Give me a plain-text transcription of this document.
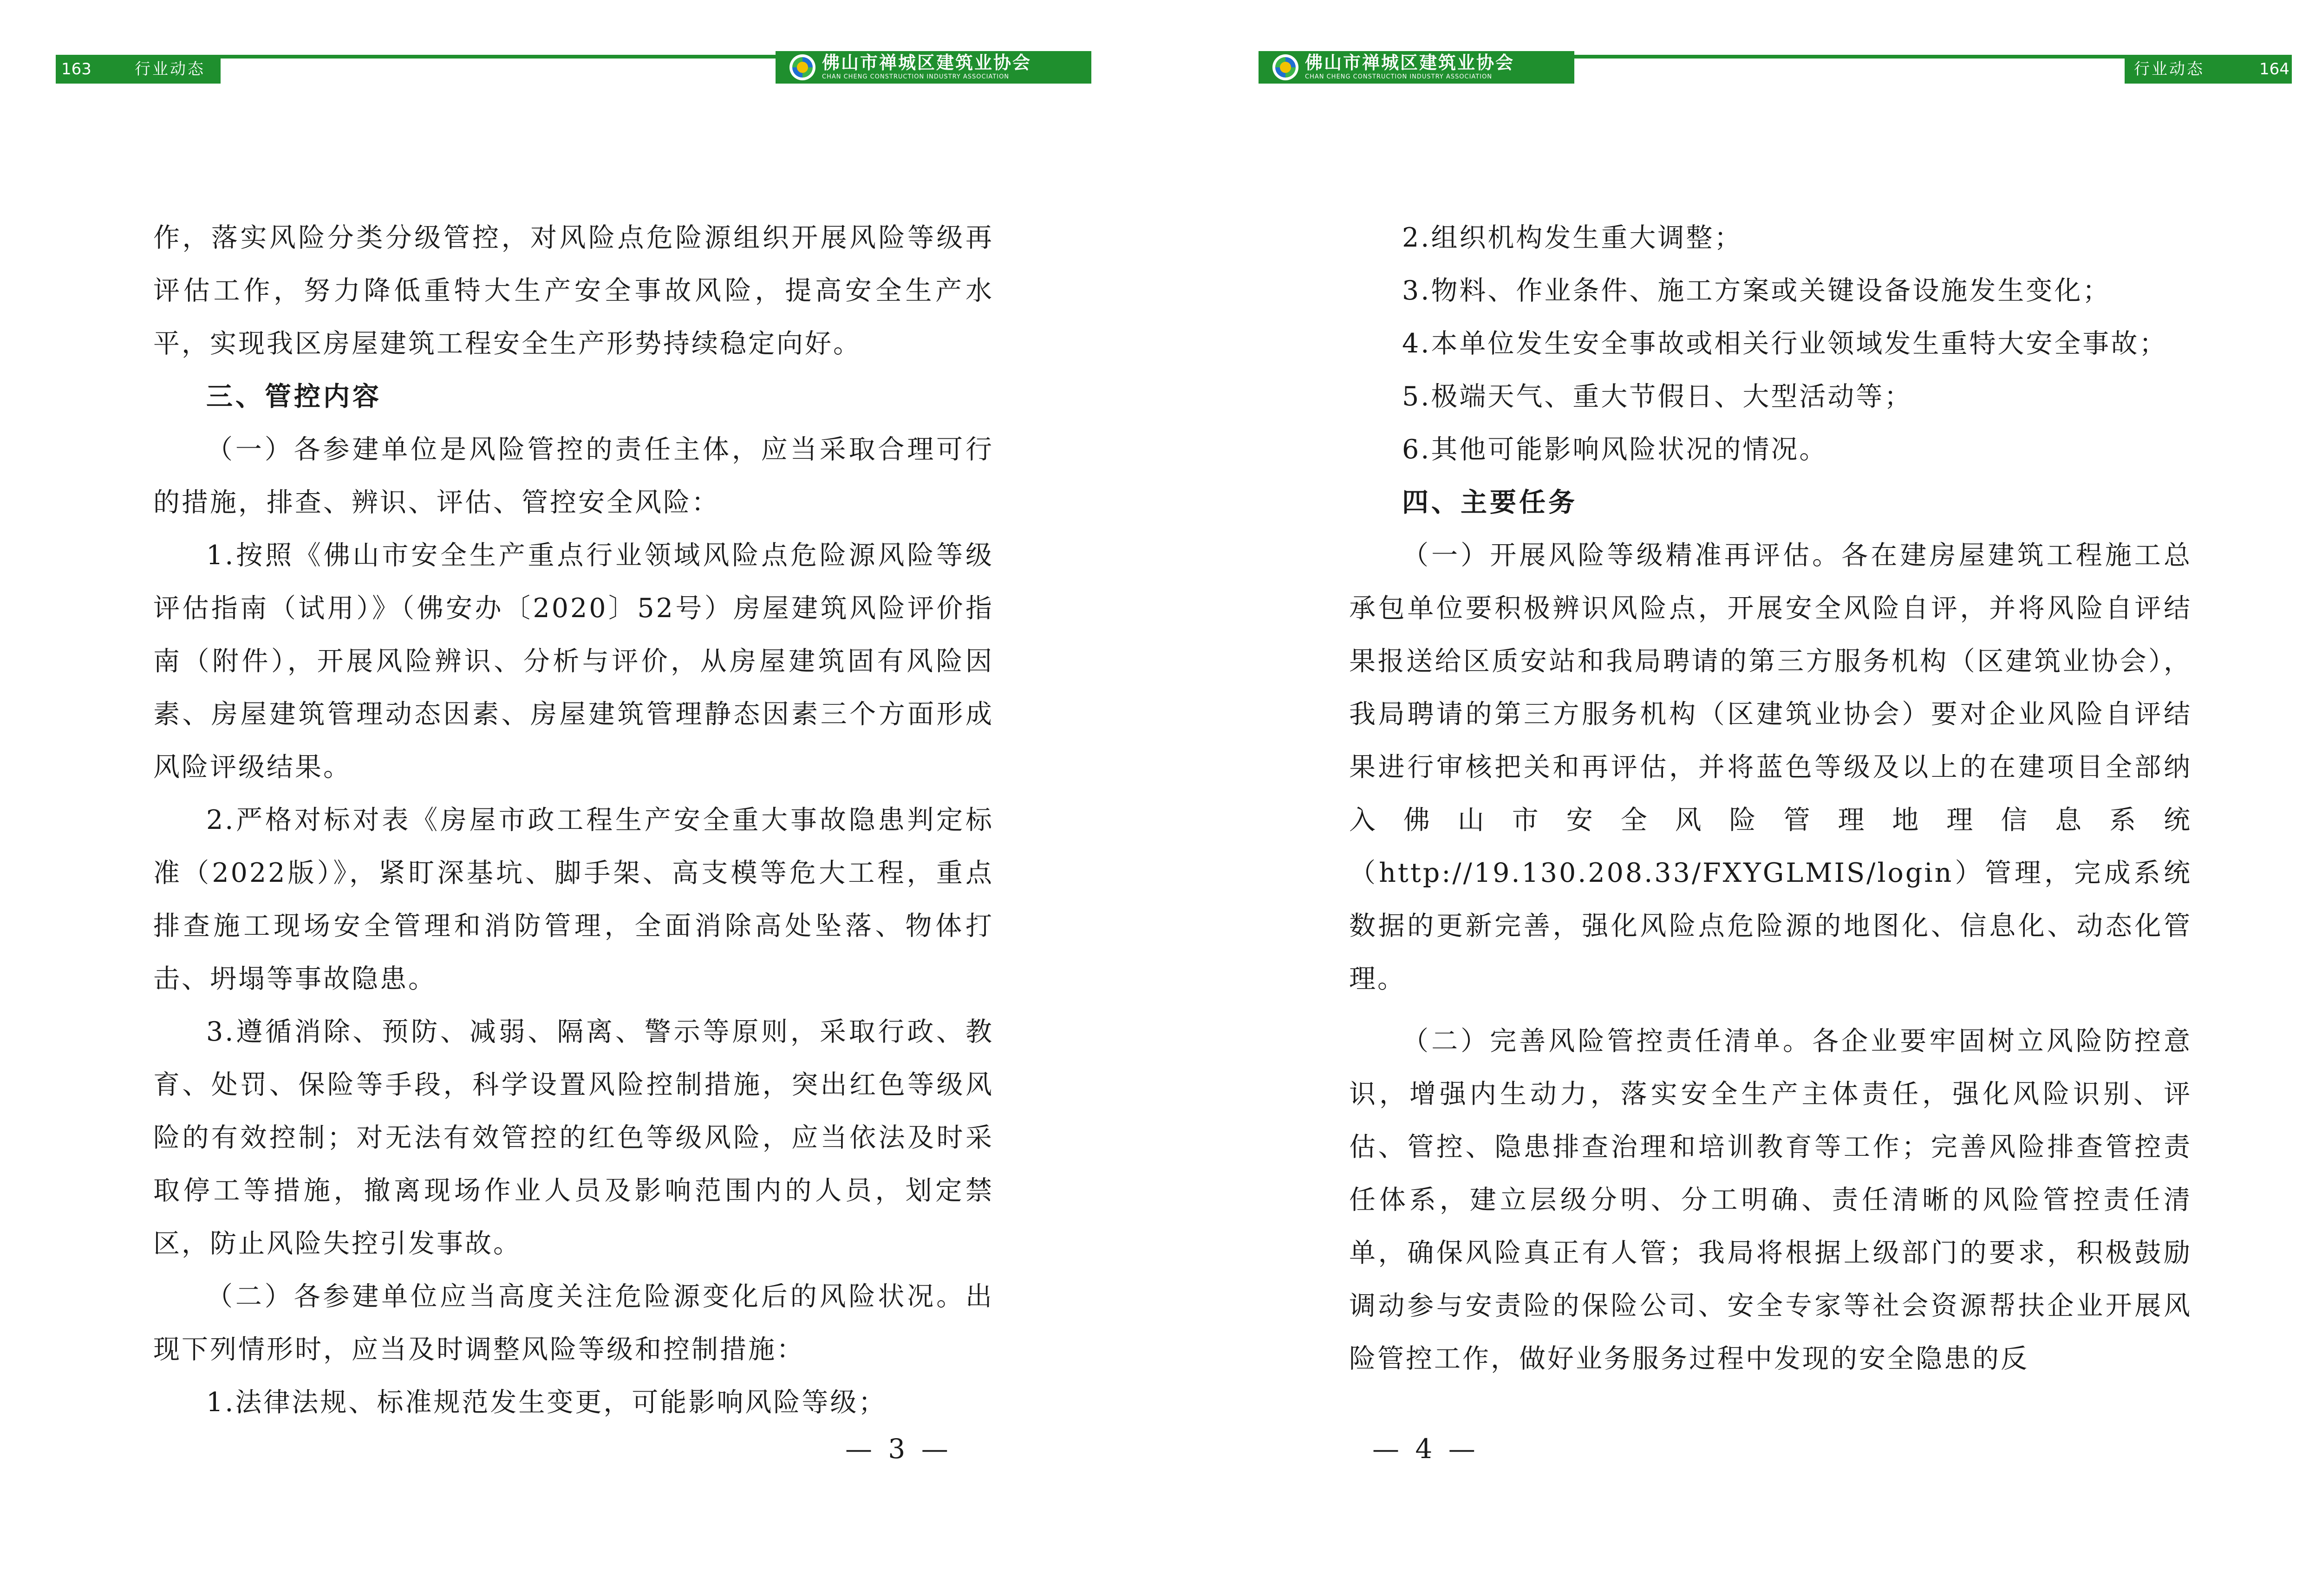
163	行业动态	佛山市禅城区建筑业协会
CHAN CHENG CONSTRUCTION INDUSTRY ASSOCIATION

作，落实风险分类分级管控，对风险点危险源组织开展风险等级再评估工作，努力降低重特大生产安全事故风险，提高安全生产水平，实现我区房屋建筑工程安全生产形势持续稳定向好。

三、管控内容

（一）各参建单位是风险管控的责任主体，应当采取合理可行的措施，排查、辨识、评估、管控安全风险：

1.按照《佛山市安全生产重点行业领域风险点危险源风险等级评估指南（试用）》（佛安办〔2020〕52号）房屋建筑风险评价指南（附件），开展风险辨识、分析与评价，从房屋建筑固有风险因素、房屋建筑管理动态因素、房屋建筑管理静态因素三个方面形成风险评级结果。

2.严格对标对表《房屋市政工程生产安全重大事故隐患判定标准（2022版）》，紧盯深基坑、脚手架、高支模等危大工程，重点排查施工现场安全管理和消防管理，全面消除高处坠落、物体打击、坍塌等事故隐患。

3.遵循消除、预防、减弱、隔离、警示等原则，采取行政、教育、处罚、保险等手段，科学设置风险控制措施，突出红色等级风险的有效控制；对无法有效管控的红色等级风险，应当依法及时采取停工等措施，撤离现场作业人员及影响范围内的人员，划定禁区，防止风险失控引发事故。

（二）各参建单位应当高度关注危险源变化后的风险状况。出现下列情形时，应当及时调整风险等级和控制措施：

1.法律法规、标准规范发生变更，可能影响风险等级；

— 3 —
佛山市禅城区建筑业协会
CHAN CHENG CONSTRUCTION INDUSTRY ASSOCIATION	行业动态	164

2.组织机构发生重大调整；

3.物料、作业条件、施工方案或关键设备设施发生变化；

4.本单位发生安全事故或相关行业领域发生重特大安全事故；

5.极端天气、重大节假日、大型活动等；

6.其他可能影响风险状况的情况。

四、主要任务

（一）开展风险等级精准再评估。各在建房屋建筑工程施工总承包单位要积极辨识风险点，开展安全风险自评，并将风险自评结果报送给区质安站和我局聘请的第三方服务机构（区建筑业协会），我局聘请的第三方服务机构（区建筑业协会）要对企业风险自评结果进行审核把关和再评估，并将蓝色等级及以上的在建项目全部纳入佛山市安全风险管理地理信息系统（http://19.130.208.33/FXYGLMIS/login）管理，完成系统数据的更新完善，强化风险点危险源的地图化、信息化、动态化管理。

（二）完善风险管控责任清单。各企业要牢固树立风险防控意识，增强内生动力，落实安全生产主体责任，强化风险识别、评估、管控、隐患排查治理和培训教育等工作；完善风险排查管控责任体系，建立层级分明、分工明确、责任清晰的风险管控责任清单，确保风险真正有人管；我局将根据上级部门的要求，积极鼓励调动参与安责险的保险公司、安全专家等社会资源帮扶企业开展风险管控工作，做好业务服务过程中发现的安全隐患的反

— 4 —
